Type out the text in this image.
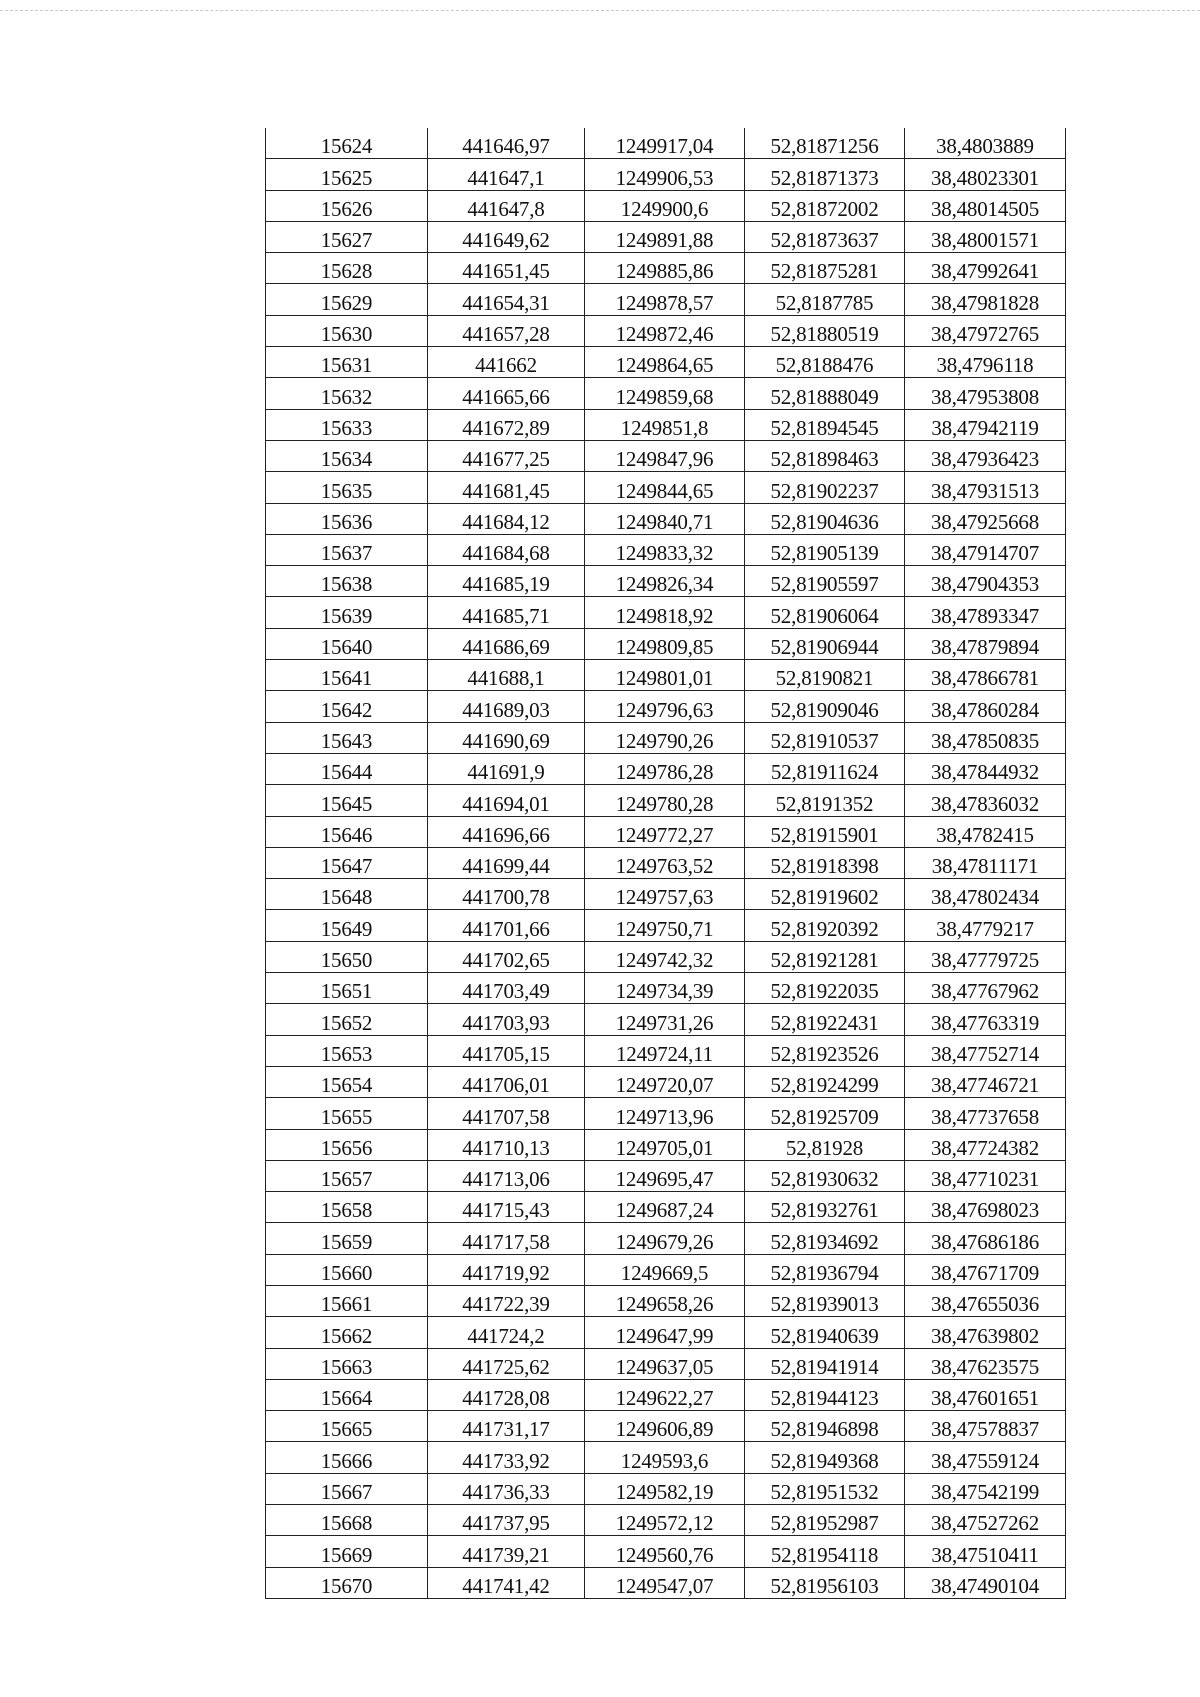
15624	441646,97	1249917,04	52,81871256	38,4803889
15625	441647,1	1249906,53	52,81871373	38,48023301
15626	441647,8	1249900,6	52,81872002	38,48014505
15627	441649,62	1249891,88	52,81873637	38,48001571
15628	441651,45	1249885,86	52,81875281	38,47992641
15629	441654,31	1249878,57	52,8187785	38,47981828
15630	441657,28	1249872,46	52,81880519	38,47972765
15631	441662	1249864,65	52,8188476	38,4796118
15632	441665,66	1249859,68	52,81888049	38,47953808
15633	441672,89	1249851,8	52,81894545	38,47942119
15634	441677,25	1249847,96	52,81898463	38,47936423
15635	441681,45	1249844,65	52,81902237	38,47931513
15636	441684,12	1249840,71	52,81904636	38,47925668
15637	441684,68	1249833,32	52,81905139	38,47914707
15638	441685,19	1249826,34	52,81905597	38,47904353
15639	441685,71	1249818,92	52,81906064	38,47893347
15640	441686,69	1249809,85	52,81906944	38,47879894
15641	441688,1	1249801,01	52,8190821	38,47866781
15642	441689,03	1249796,63	52,81909046	38,47860284
15643	441690,69	1249790,26	52,81910537	38,47850835
15644	441691,9	1249786,28	52,81911624	38,47844932
15645	441694,01	1249780,28	52,8191352	38,47836032
15646	441696,66	1249772,27	52,81915901	38,4782415
15647	441699,44	1249763,52	52,81918398	38,47811171
15648	441700,78	1249757,63	52,81919602	38,47802434
15649	441701,66	1249750,71	52,81920392	38,4779217
15650	441702,65	1249742,32	52,81921281	38,47779725
15651	441703,49	1249734,39	52,81922035	38,47767962
15652	441703,93	1249731,26	52,81922431	38,47763319
15653	441705,15	1249724,11	52,81923526	38,47752714
15654	441706,01	1249720,07	52,81924299	38,47746721
15655	441707,58	1249713,96	52,81925709	38,47737658
15656	441710,13	1249705,01	52,81928	38,47724382
15657	441713,06	1249695,47	52,81930632	38,47710231
15658	441715,43	1249687,24	52,81932761	38,47698023
15659	441717,58	1249679,26	52,81934692	38,47686186
15660	441719,92	1249669,5	52,81936794	38,47671709
15661	441722,39	1249658,26	52,81939013	38,47655036
15662	441724,2	1249647,99	52,81940639	38,47639802
15663	441725,62	1249637,05	52,81941914	38,47623575
15664	441728,08	1249622,27	52,81944123	38,47601651
15665	441731,17	1249606,89	52,81946898	38,47578837
15666	441733,92	1249593,6	52,81949368	38,47559124
15667	441736,33	1249582,19	52,81951532	38,47542199
15668	441737,95	1249572,12	52,81952987	38,47527262
15669	441739,21	1249560,76	52,81954118	38,47510411
15670	441741,42	1249547,07	52,81956103	38,47490104
